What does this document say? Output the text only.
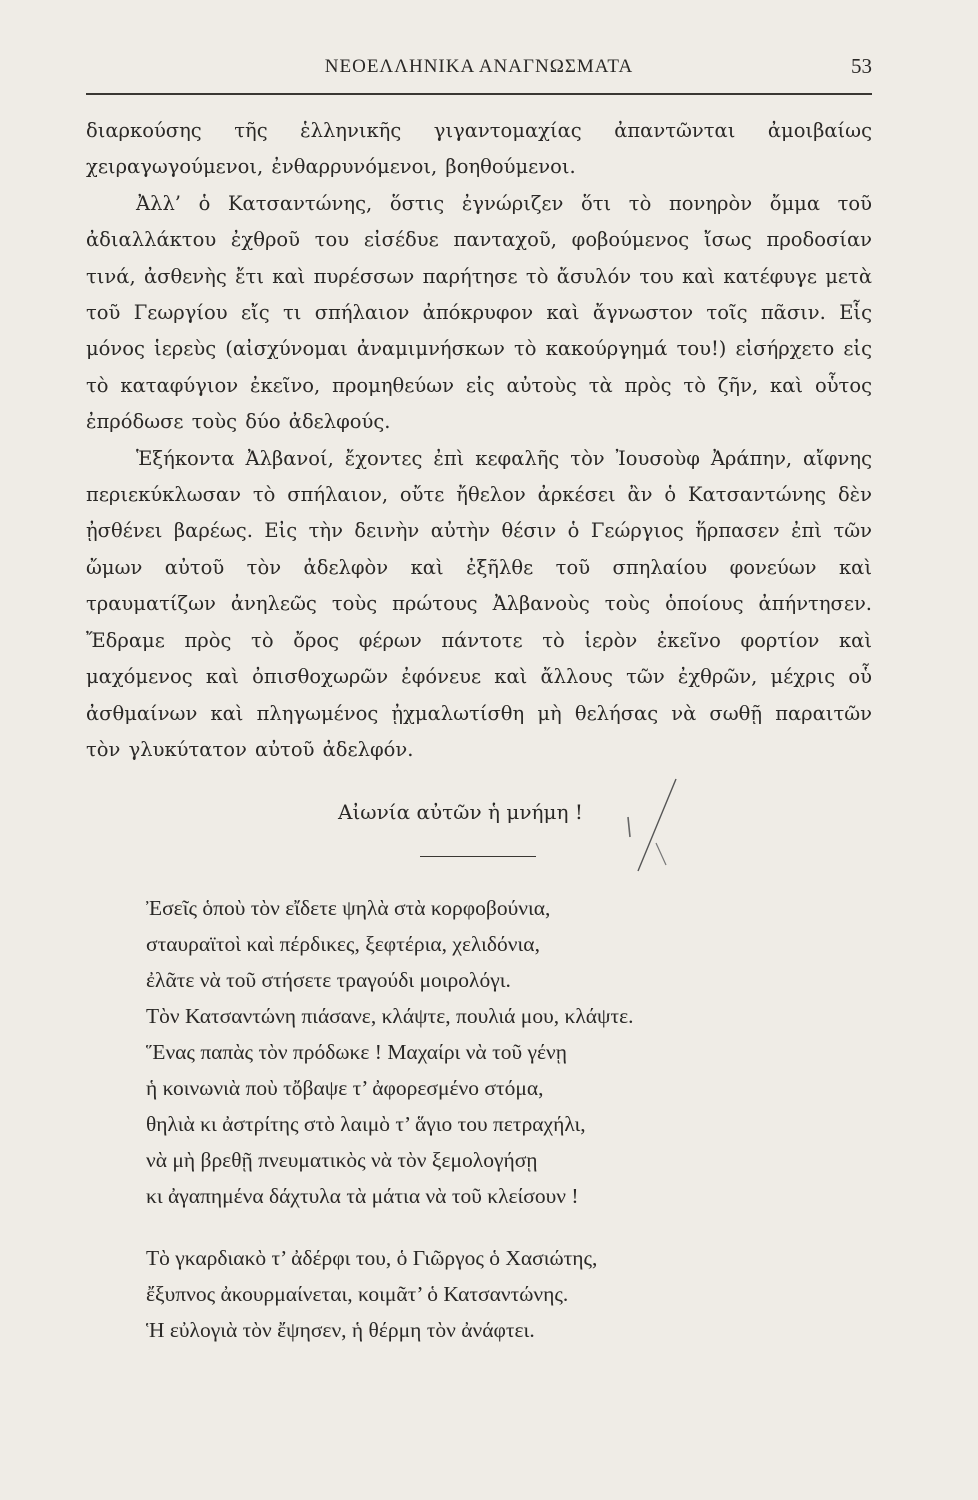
ΝΕΟΕΛΛΗΝΙΚΑ ΑΝΑΓΝΩΣΜΑΤΑ	53

διαρκούσης τῆς ἑλληνικῆς γιγαντομαχίας ἀπαντῶνται ἀμοιβαίως χειραγωγούμενοι, ἐνθαρρυνόμενοι, βοηθούμενοι.

Ἀλλ’ ὁ Κατσαντώνης, ὅστις ἐγνώριζεν ὅτι τὸ πονηρὸν ὄμμα τοῦ ἀδιαλλάκτου ἐχθροῦ του εἰσέδυε πανταχοῦ, φοβούμενος ἴσως προδοσίαν τινά, ἀσθενὴς ἔτι καὶ πυρέσσων παρήτησε τὸ ἄσυλόν του καὶ κατέφυγε μετὰ τοῦ Γεωργίου εἴς τι σπήλαιον ἀπόκρυφον καὶ ἄγνωστον τοῖς πᾶσιν. Εἷς μόνος ἱερεὺς (αἰσχύνομαι ἀναμιμνήσκων τὸ κακούργημά του!) εἰσήρχετο εἰς τὸ καταφύγιον ἐκεῖνο, προμηθεύων εἰς αὐτοὺς τὰ πρὸς τὸ ζῆν, καὶ οὗτος ἐπρόδωσε τοὺς δύο ἀδελφούς.

Ἑξήκοντα Ἀλβανοί, ἔχοντες ἐπὶ κεφαλῆς τὸν Ἰουσοὺφ Ἀράπην, αἴφνης περιεκύκλωσαν τὸ σπήλαιον, οὔτε ἤθελον ἀρκέσει ἂν ὁ Κατσαντώνης δὲν ᾐσθένει βαρέως. Εἰς τὴν δεινὴν αὐτὴν θέσιν ὁ Γεώργιος ἥρπασεν ἐπὶ τῶν ὤμων αὐτοῦ τὸν ἀδελφὸν καὶ ἐξῆλθε τοῦ σπηλαίου φονεύων καὶ τραυματίζων ἀνηλεῶς τοὺς πρώτους Ἀλβανοὺς τοὺς ὁποίους ἀπήντησεν. Ἔδραμε πρὸς τὸ ὄρος φέρων πάντοτε τὸ ἱερὸν ἐκεῖνο φορτίον καὶ μαχόμενος καὶ ὀπισθοχωρῶν ἐφόνευε καὶ ἄλλους τῶν ἐχθρῶν, μέχρις οὗ ἀσθμαίνων καὶ πληγωμένος ᾐχμαλωτίσθη μὴ θελήσας νὰ σωθῇ παραιτῶν τὸν γλυκύτατον αὐτοῦ ἀδελφόν.

Αἰωνία αὐτῶν ἡ μνήμη !
Ἐσεῖς ὁποὺ τὸν εἴδετε ψηλὰ στὰ κορφοβούνια,
σταυραϊτοὶ καὶ πέρδικες, ξεφτέρια, χελιδόνια,
ἐλᾶτε νὰ τοῦ στήσετε τραγούδι μοιρολόγι.
Τὸν Κατσαντώνη πιάσανε, κλάψτε, πουλιά μου, κλάψτε.
Ἕνας παπὰς τὸν πρόδωκε ! Μαχαίρι νὰ τοῦ γένῃ
ἡ κοινωνιὰ ποὺ τὄβαψε τ’ ἀφορεσμένο στόμα,
θηλιὰ κι ἀστρίτης στὸ λαιμὸ τ’ ἅγιο του πετραχήλι,
νὰ μὴ βρεθῇ πνευματικὸς νὰ τὸν ξεμολογήσῃ
κι ἀγαπημένα δάχτυλα τὰ μάτια νὰ τοῦ κλείσουν !
Τὸ γκαρδιακὸ τ’ ἀδέρφι του, ὁ Γιῶργος ὁ Χασιώτης,
ἔξυπνος ἀκουρμαίνεται, κοιμᾶτ’ ὁ Κατσαντώνης.
Ἡ εὐλογιὰ τὸν ἔψησεν, ἡ θέρμη τὸν ἀνάφτει.
